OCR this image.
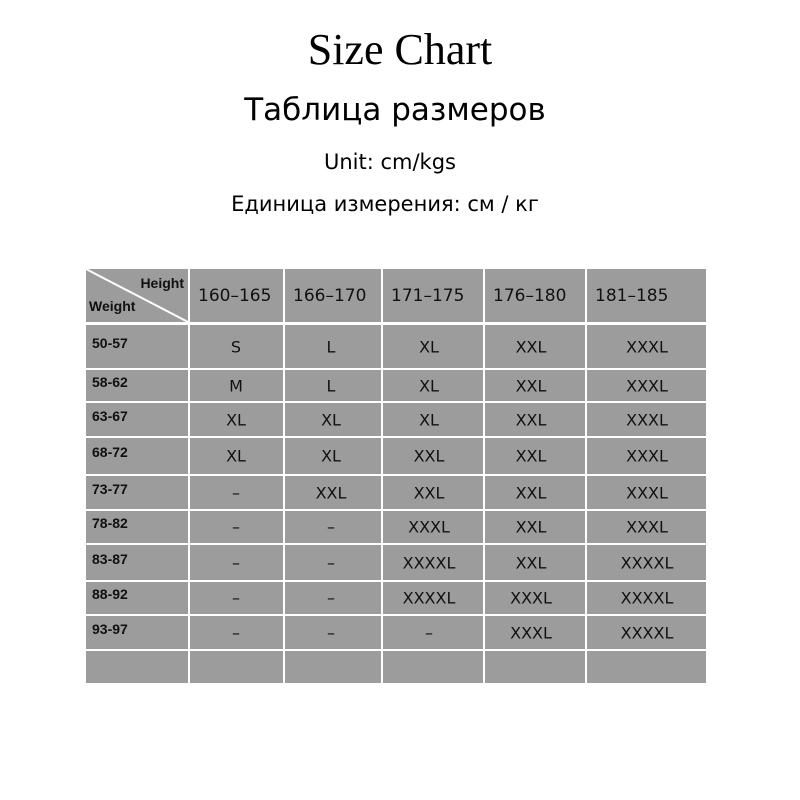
Size Chart
Таблица размеров
Unit: cm/kgs
Единица измерения: см / кг
Height
Weight
160–165 166–170 171–175 176–180 181–185
50-57	S	L	XL	XXL	XXXL
58-62	M	L	XL	XXL	XXXL
63-67	XL	XL	XL	XXL	XXXL
68-72	XL	XL	XXL	XXL	XXXL
73-77	–	XXL	XXL	XXL	XXXL
78-82	–	–	XXXL	XXL	XXXL
83-87	–	–	XXXXL	XXL	XXXXL
88-92	–	–	XXXXL	XXXL	XXXXL
93-97	–	–	–	XXXL	XXXXL
